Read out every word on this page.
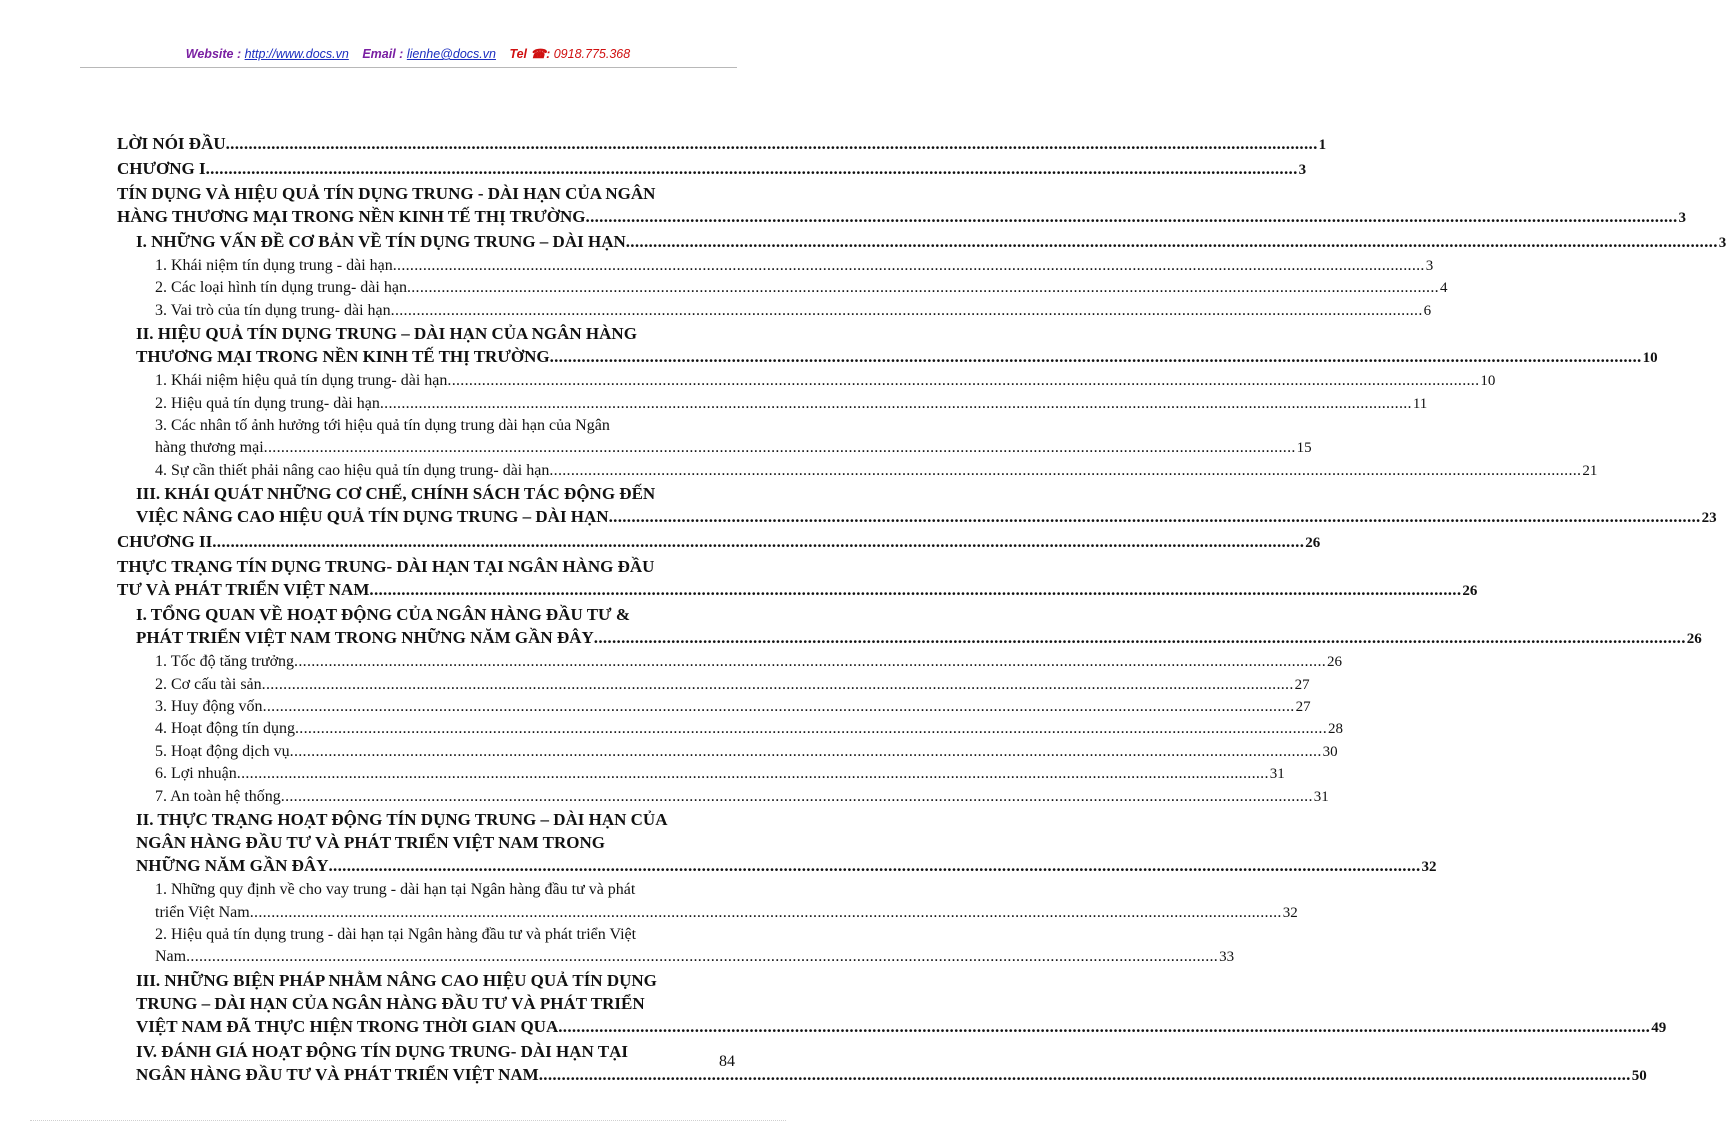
Website : http://www.docs.vn Email : lienhe@docs.vn Tel ☎: 0918.775.368
LỜI NÓI ĐẦU .....	1
CHƯƠNG I .....	3
TÍN DỤNG VÀ HIỆU QUẢ TÍN DỤNG TRUNG - DÀI HẠN CỦA NGÂN
HÀNG THƯƠNG MẠI TRONG NỀN KINH TẾ THỊ TRƯỜNG .....	3
I. NHỮNG VẤN ĐỀ CƠ BẢN VỀ TÍN DỤNG TRUNG – DÀI HẠN .....	3
1. Khái niệm tín dụng trung - dài hạn .....	3
2. Các loại hình tín dụng trung- dài hạn .....	4
3. Vai trò của tín dụng trung- dài hạn .....	6
II. HIỆU QUẢ TÍN DỤNG TRUNG – DÀI HẠN CỦA NGÂN HÀNG
THƯƠNG MẠI TRONG NỀN KINH TẾ THỊ TRƯỜNG .....	10
1. Khái niệm hiệu quả tín dụng trung- dài hạn .....	10
2. Hiệu quả tín dụng trung- dài hạn .....	11
3. Các nhân tố ảnh hưởng tới hiệu quả tín dụng trung dài hạn của Ngân
hàng thương mại .....	15
4. Sự cần thiết phải nâng cao hiệu quả tín dụng trung- dài hạn .....	21
III. KHÁI QUÁT NHỮNG CƠ CHẾ, CHÍNH SÁCH TÁC ĐỘNG ĐẾN
VIỆC NÂNG CAO HIỆU QUẢ TÍN DỤNG TRUNG – DÀI HẠN .....	23
CHƯƠNG II .....	26
THỰC TRẠNG TÍN DỤNG TRUNG- DÀI HẠN TẠI NGÂN HÀNG ĐẦU
TƯ VÀ PHÁT TRIỂN VIỆT NAM .....	26
I. TỔNG QUAN VỀ HOẠT ĐỘNG CỦA NGÂN HÀNG ĐẦU TƯ &
PHÁT TRIỂN VIỆT NAM TRONG NHỮNG NĂM GẦN ĐÂY .....	26
1. Tốc độ tăng trưởng .....	26
2. Cơ cấu tài sản .....	27
3. Huy động vốn .....	27
4. Hoạt động tín dụng .....	28
5. Hoạt động dịch vụ .....	30
6. Lợi nhuận .....	31
7. An toàn hệ thống .....	31
II. THỰC TRẠNG HOẠT ĐỘNG TÍN DỤNG TRUNG – DÀI HẠN CỦA
NGÂN HÀNG ĐẦU TƯ VÀ PHÁT TRIỂN VIỆT NAM TRONG
NHỮNG NĂM GẦN ĐÂY .....	32
1. Những quy định về cho vay trung - dài hạn tại Ngân hàng đầu tư và phát
triển Việt Nam .....	32
2. Hiệu quả tín dụng trung - dài hạn tại Ngân hàng đầu tư và phát triển Việt
Nam .....	33
III. NHỮNG BIỆN PHÁP NHẰM NÂNG CAO HIỆU QUẢ TÍN DỤNG
TRUNG – DÀI HẠN CỦA NGÂN HÀNG ĐẦU TƯ VÀ PHÁT TRIỂN
VIỆT NAM ĐÃ THỰC HIỆN TRONG THỜI GIAN QUA .....	49
IV. ĐÁNH GIÁ HOẠT ĐỘNG TÍN DỤNG TRUNG- DÀI HẠN TẠI
NGÂN HÀNG ĐẦU TƯ VÀ PHÁT TRIỂN VIỆT NAM .....	50
84
